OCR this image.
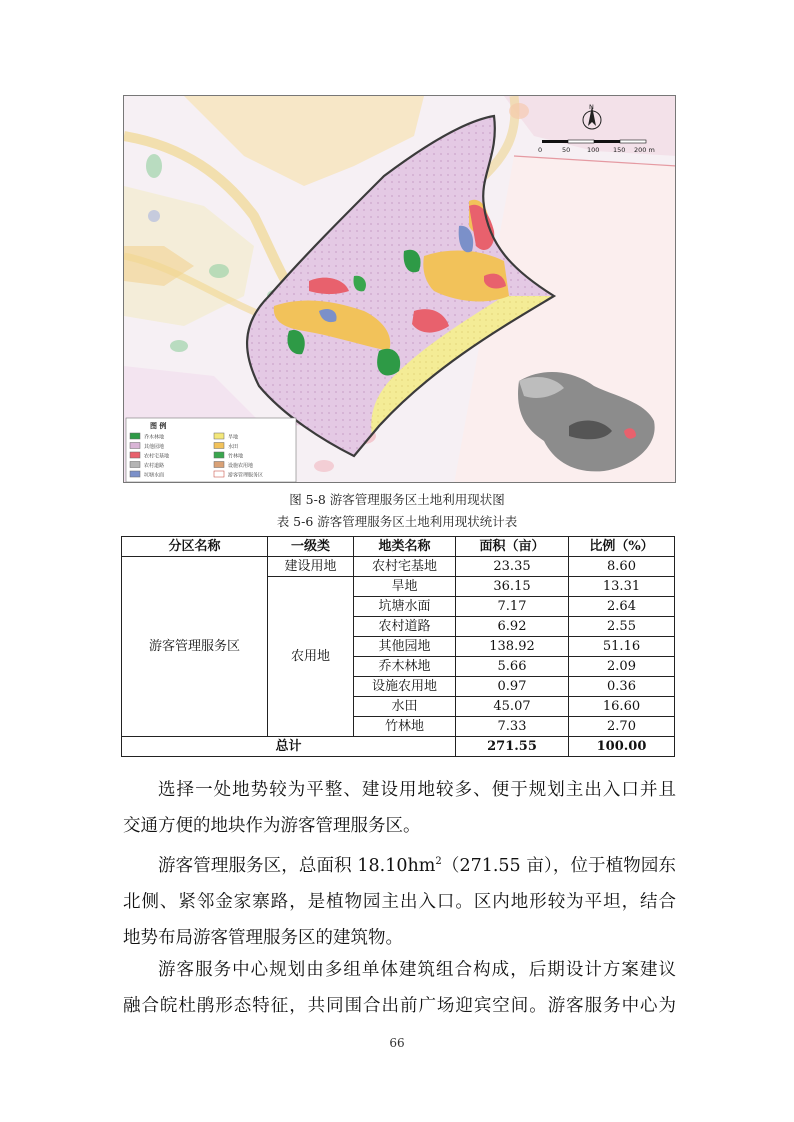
N
0	50	100 150 200 m
图 例
乔木林地	旱地
其他园地	水田
农村宅基地	竹林地
农村道路	设施农用地
坑塘水面	游客管理服务区
图 5-8 游客管理服务区土地利用现状图
表 5-6 游客管理服务区土地利用现状统计表
分区名称	一级类	地类名称	面积（亩）	比例（%）
游客管理服务区	建设用地	农村宅基地	23.35	8.60
	农用地	旱地	36.15	13.31
		坑塘水面	7.17	2.64
		农村道路	6.92	2.55
		其他园地	138.92	51.16
		乔木林地	5.66	2.09
		设施农用地	0.97	0.36
		水田	45.07	16.60
		竹林地	7.33	2.70
总计			271.55	100.00
选择一处地势较为平整、建设用地较多、便于规划主出入口并且
交通方便的地块作为游客管理服务区。
游客管理服务区，总面积 $18.10hm^2(271.55$ 亩），位于植物园东
北侧、紧邻金家寨路，是植物园主出入口。区内地形较为平坦，结合
地势布局游客管理服务区的建筑物。
游客服务中心规划由多组单体建筑组合构成，后期设计方案建议
融合皖杜鹃形态特征，共同围合出前广场迎宾空间。游客服务中心为
66
